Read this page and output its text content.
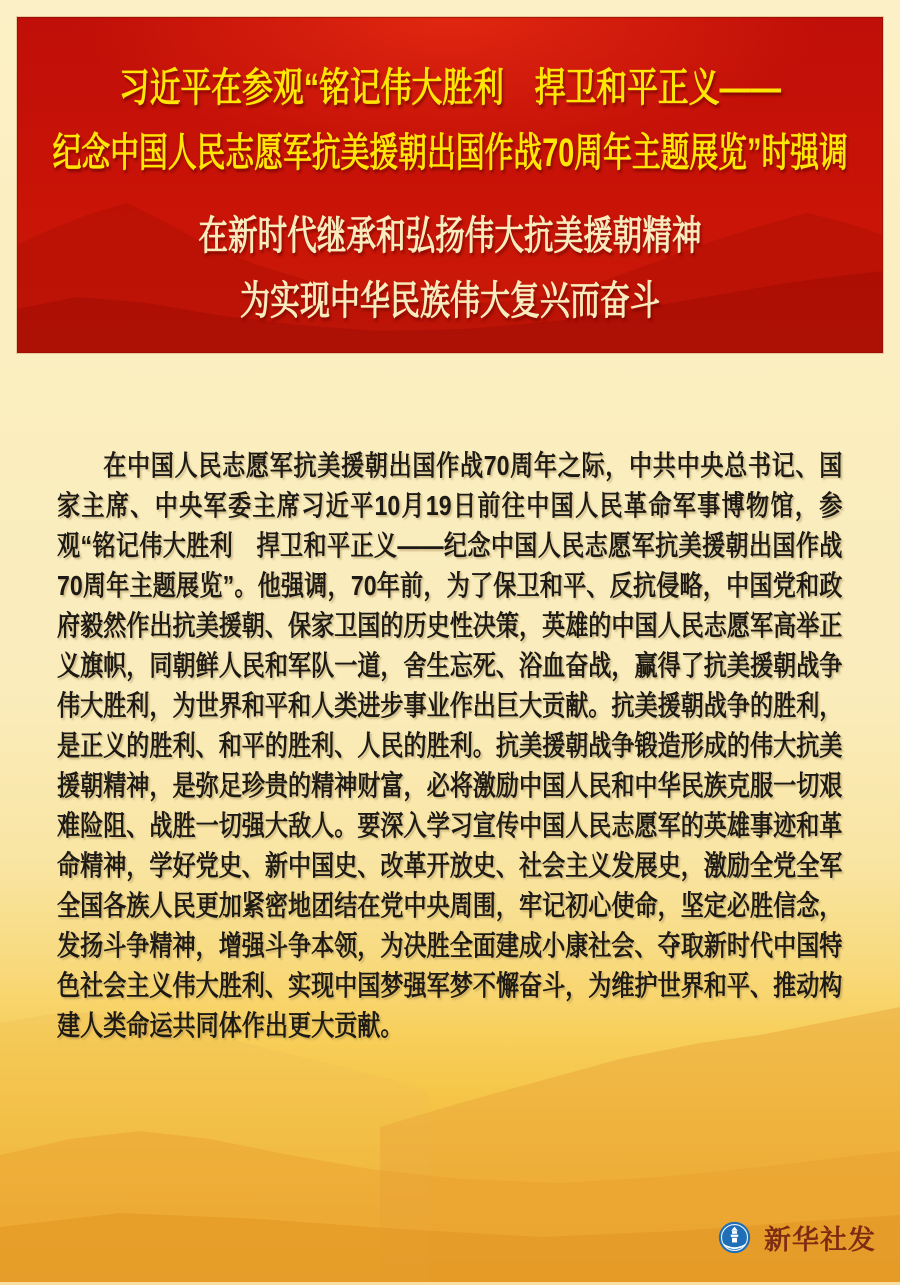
习近平在参观“铭记伟大胜利　捍卫和平正义——
纪念中国人民志愿军抗美援朝出国作战70周年主题展览”时强调
在新时代继承和弘扬伟大抗美援朝精神
为实现中华民族伟大复兴而奋斗

在中国人民志愿军抗美援朝出国作战70周年之际，中共中央总书记、国家主席、中央军委主席习近平10月19日前往中国人民革命军事博物馆，参观“铭记伟大胜利　捍卫和平正义——纪念中国人民志愿军抗美援朝出国作战70周年主题展览”。他强调，70年前，为了保卫和平、反抗侵略，中国党和政府毅然作出抗美援朝、保家卫国的历史性决策，英雄的中国人民志愿军高举正义旗帜，同朝鲜人民和军队一道，舍生忘死、浴血奋战，赢得了抗美援朝战争伟大胜利，为世界和平和人类进步事业作出巨大贡献。抗美援朝战争的胜利，是正义的胜利、和平的胜利、人民的胜利。抗美援朝战争锻造形成的伟大抗美援朝精神，是弥足珍贵的精神财富，必将激励中国人民和中华民族克服一切艰难险阻、战胜一切强大敌人。要深入学习宣传中国人民志愿军的英雄事迹和革命精神，学好党史、新中国史、改革开放史、社会主义发展史，激励全党全军全国各族人民更加紧密地团结在党中央周围，牢记初心使命，坚定必胜信念，发扬斗争精神，增强斗争本领，为决胜全面建成小康社会、夺取新时代中国特色社会主义伟大胜利、实现中国梦强军梦不懈奋斗，为维护世界和平、推动构建人类命运共同体作出更大贡献。

新华社发
